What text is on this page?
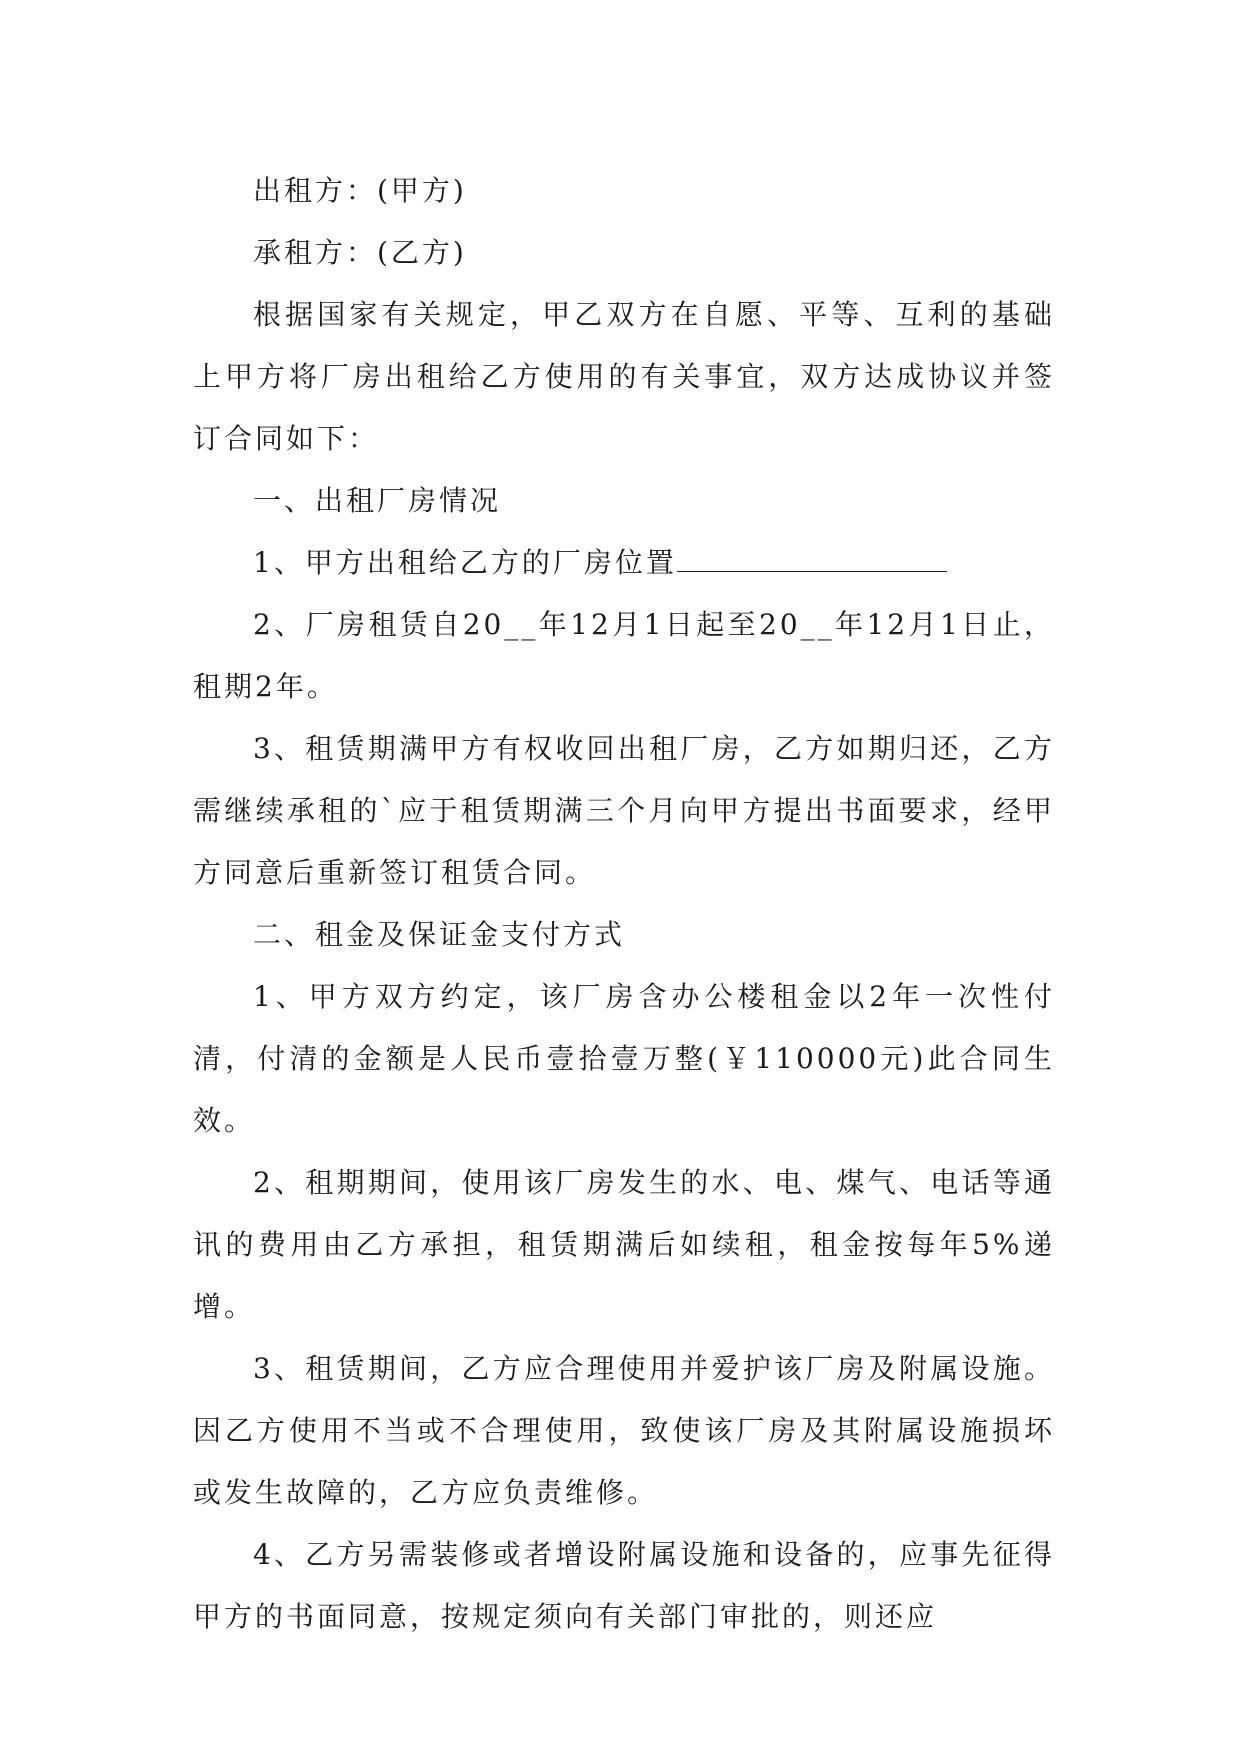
出租方：(甲方)

承租方：(乙方)

根据国家有关规定，甲乙双方在自愿、平等、互利的基础上甲方将厂房出租给乙方使用的有关事宜，双方达成协议并签订合同如下：

一、出租厂房情况

1、甲方出租给乙方的厂房位置

2、厂房租赁自20__年12月1日起至20__年12月1日止，租期2年。

3、租赁期满甲方有权收回出租厂房，乙方如期归还，乙方需继续承租的`应于租赁期满三个月向甲方提出书面要求，经甲方同意后重新签订租赁合同。

二、租金及保证金支付方式

1、甲方双方约定，该厂房含办公楼租金以2年一次性付清，付清的金额是人民币壹拾壹万整(￥110000元)此合同生效。

2、租期期间，使用该厂房发生的水、电、煤气、电话等通讯的费用由乙方承担，租赁期满后如续租，租金按每年5%递增。

3、租赁期间，乙方应合理使用并爱护该厂房及附属设施。因乙方使用不当或不合理使用，致使该厂房及其附属设施损坏或发生故障的，乙方应负责维修。

4、乙方另需装修或者增设附属设施和设备的，应事先征得甲方的书面同意，按规定须向有关部门审批的，则还应
